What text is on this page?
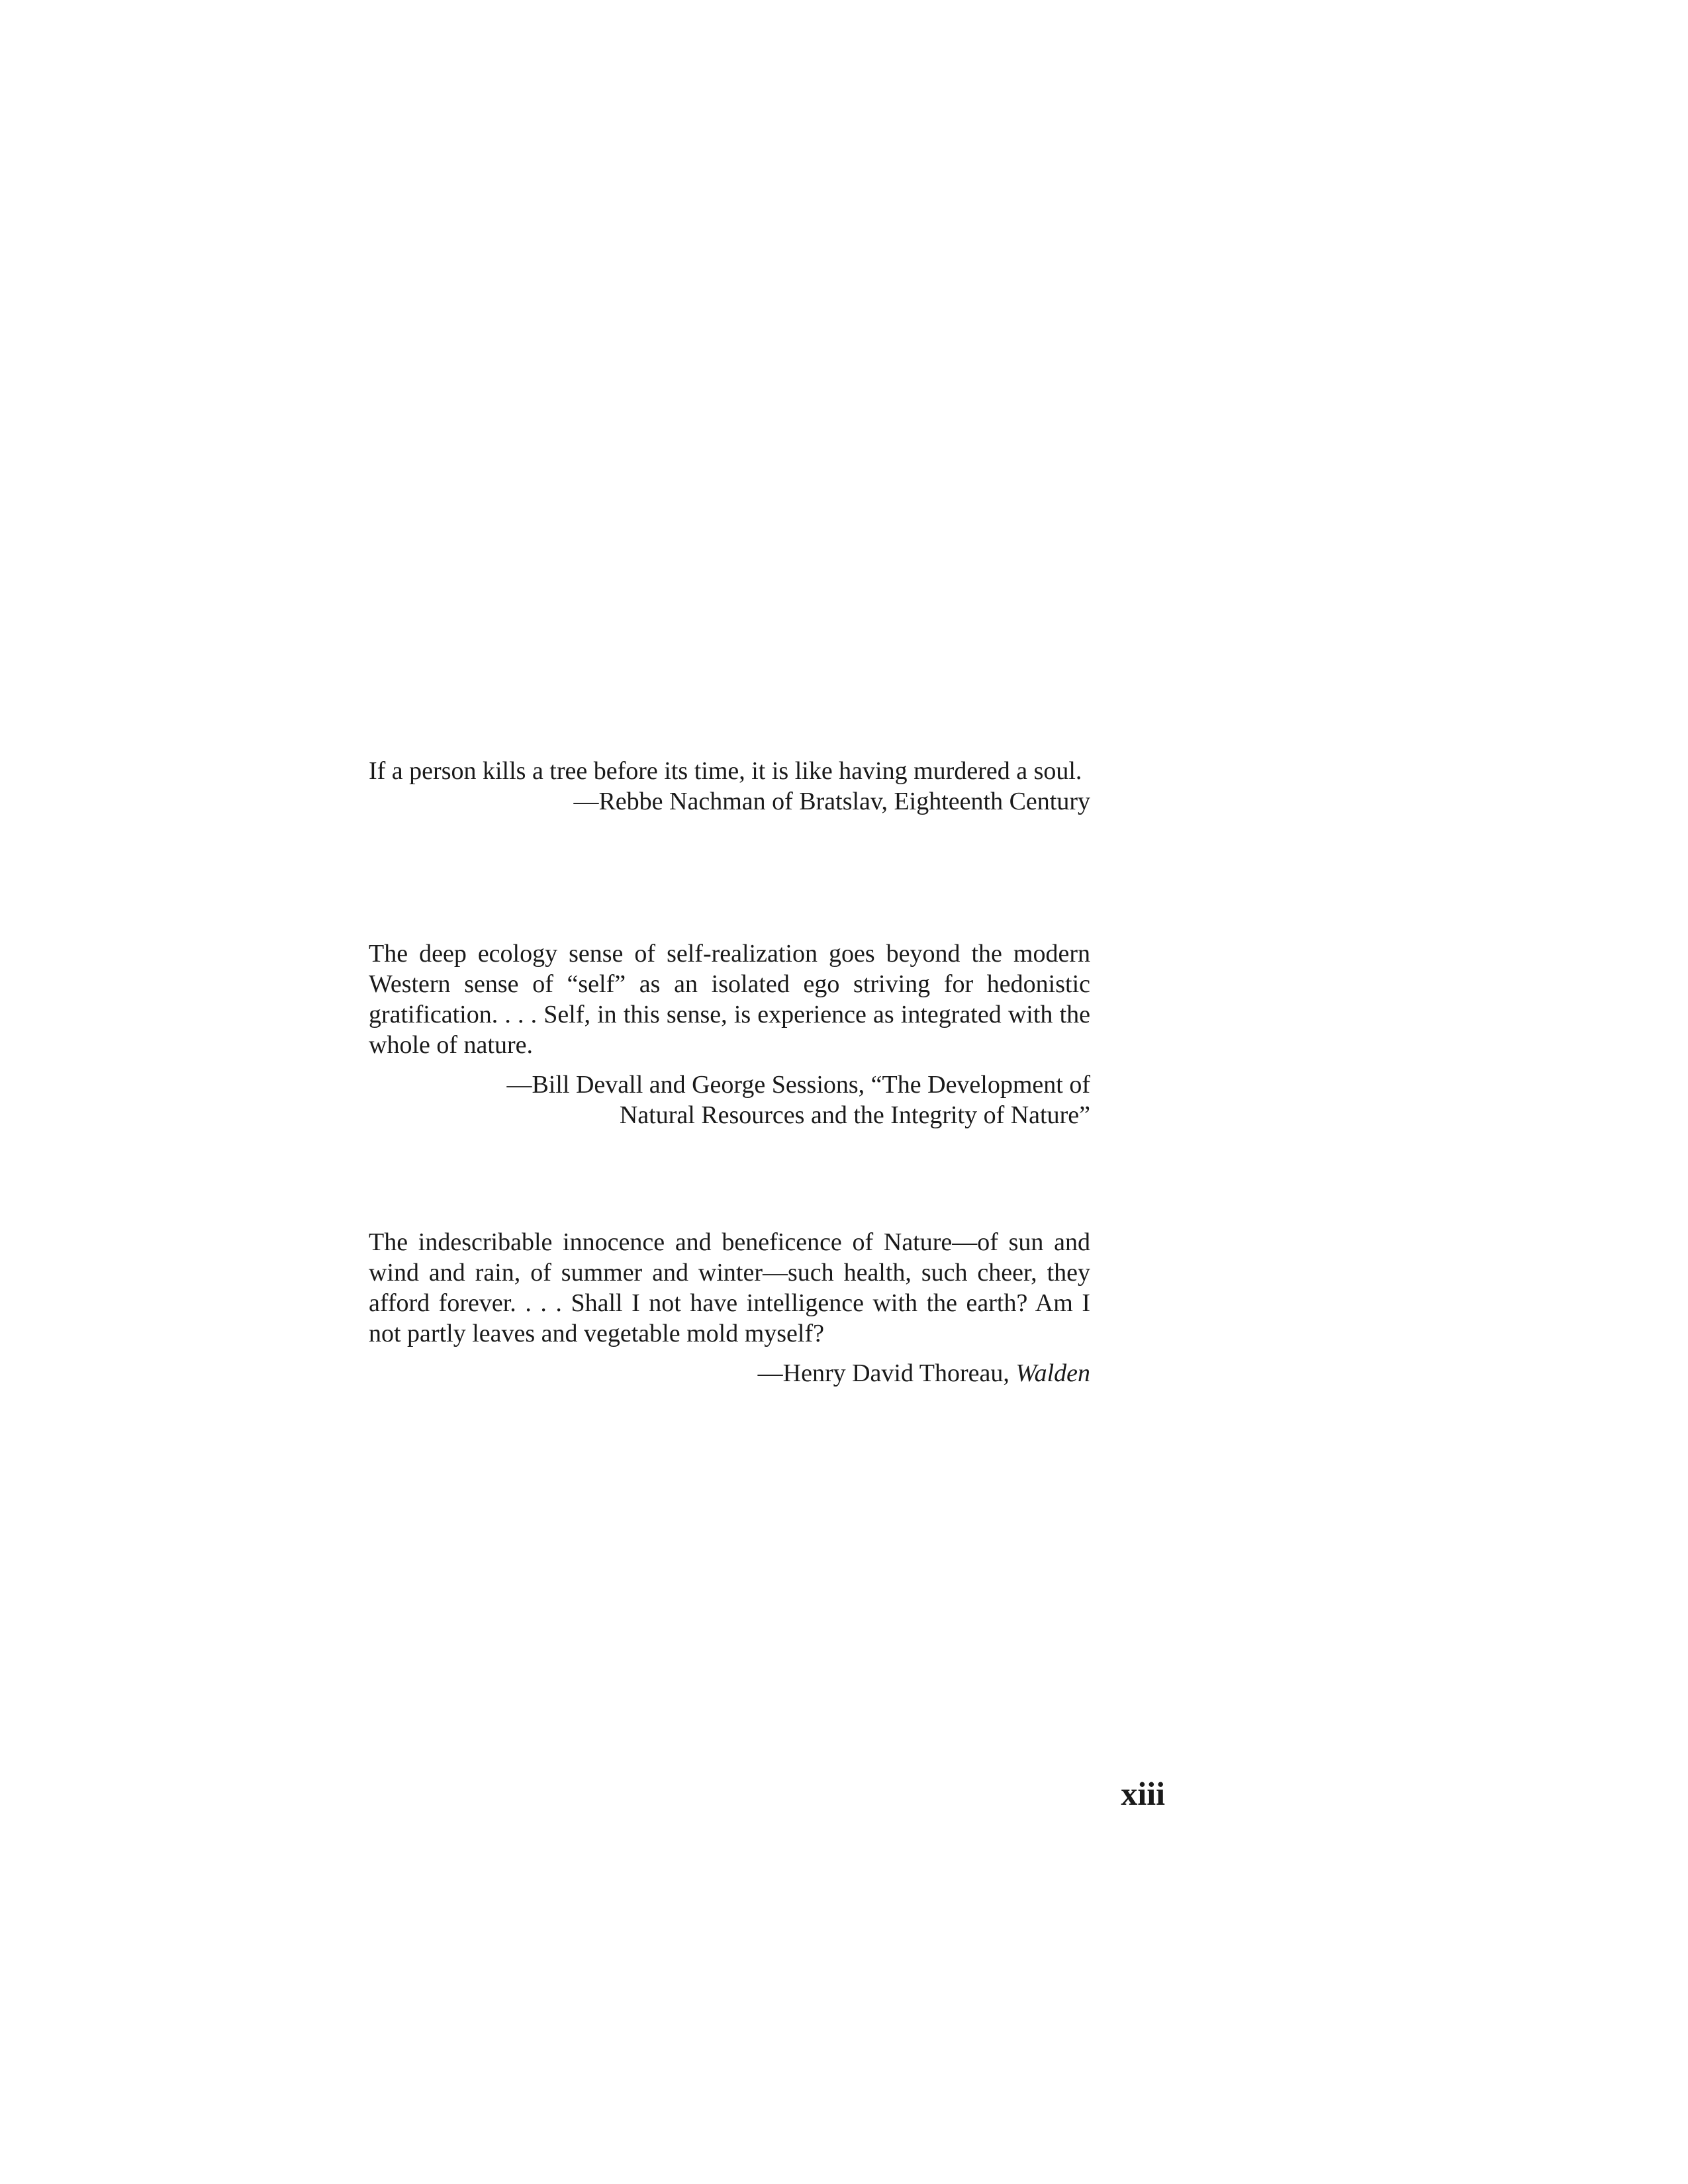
If a person kills a tree before its time, it is like having murdered a soul.

—Rebbe Nachman of Bratslav, Eighteenth Century

The deep ecology sense of self-realization goes beyond the modern Western sense of “self” as an isolated ego striving for hedonistic gratification. . . . Self, in this sense, is experience as integrated with the whole of nature.

—Bill Devall and George Sessions, “The Development of
Natural Resources and the Integrity of Nature”

The indescribable innocence and beneficence of Nature—of sun and wind and rain, of summer and winter—such health, such cheer, they afford forever. . . . Shall I not have intelligence with the earth? Am I not partly leaves and vegetable mold myself?

—Henry David Thoreau, Walden

xiii
